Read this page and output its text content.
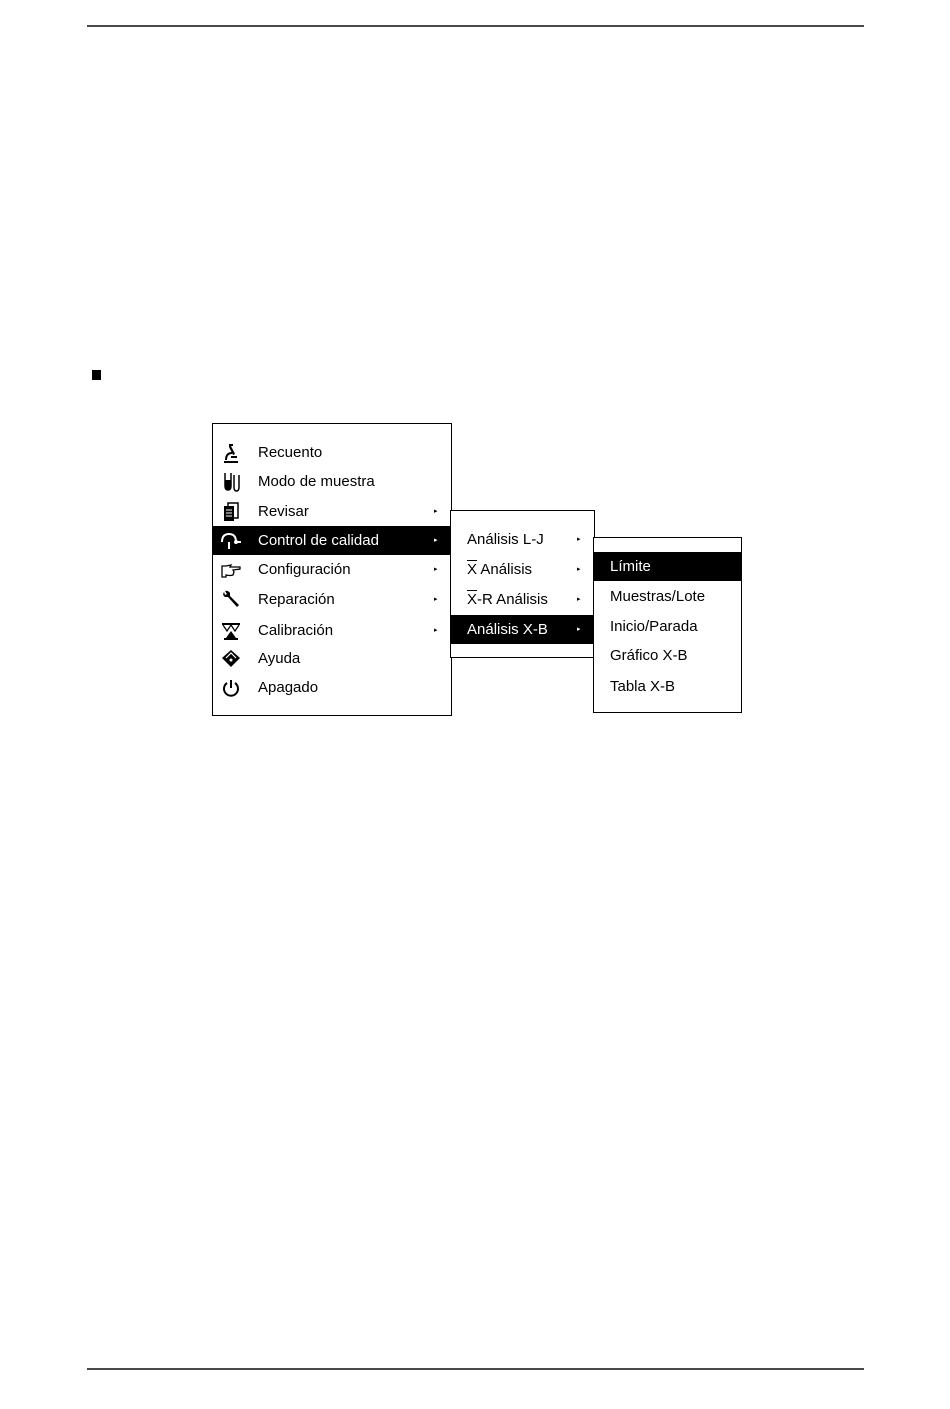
Recuento
Modo de muestra
Revisar	▸
Control de calidad	▸
Configuración	▸
Reparación	▸
Calibración	▸
Ayuda
Apagado
Análisis L-J	▸
$\overline{X}$ Análisis	▸
$\overline{X}-R$ Análisis	▸
Análisis X-B	▸
Límite
Muestras/Lote
Inicio/Parada
Gráfico X-B
Tabla X-B
